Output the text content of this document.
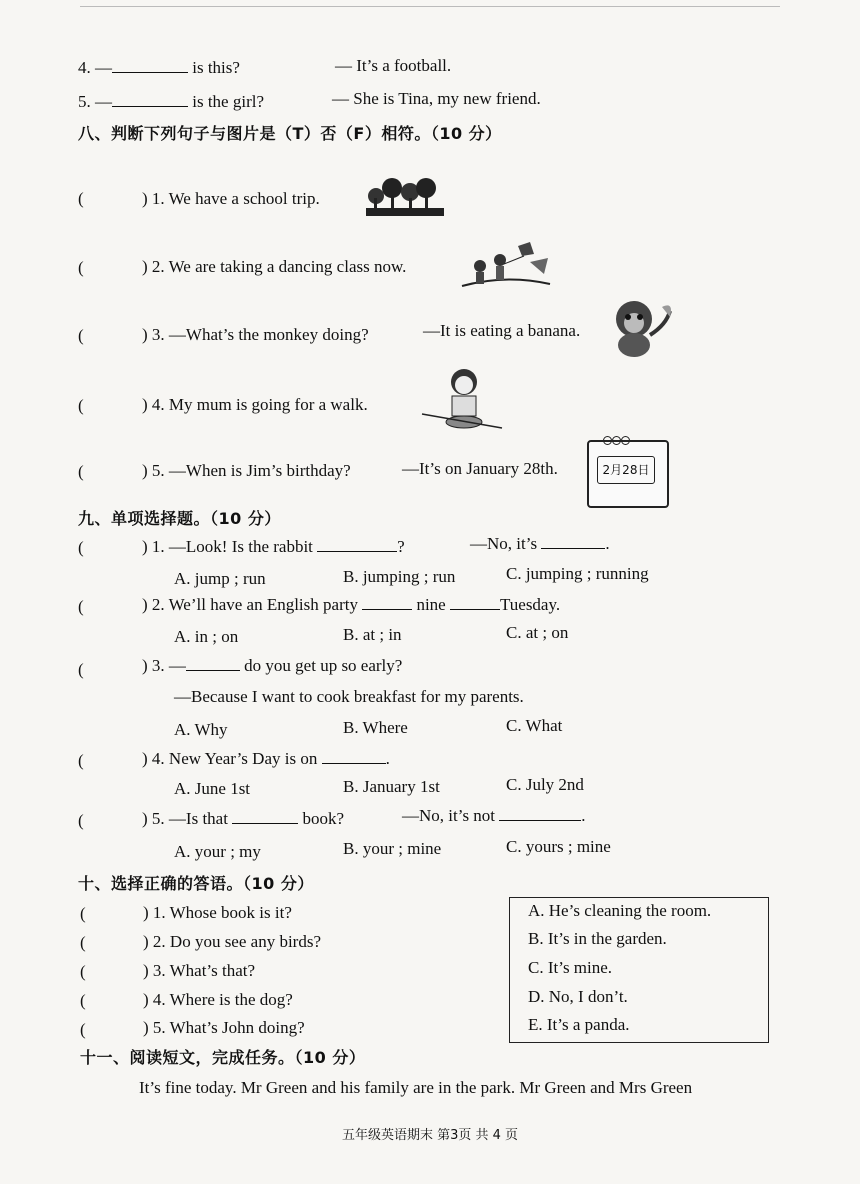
4. —	is this?	— It’s a football.
5. —	is the girl?	— She is Tina, my new friend.
八、判断下列句子与图片是（T）否（F）相符。（10 分）
(	) 1. We have a school trip.
(	) 2. We are taking a dancing class now.
(	) 3. —What’s the monkey doing?	—It is eating a banana.
(	) 4. My mum is going for a walk.
(	) 5. —When is Jim’s birthday?	—It’s on January 28th.	2月28日
九、单项选择题。（10 分）
(	) 1. —Look! Is the rabbit	?	—No, it’s	.
A. jump ; run	B. jumping ; run	C. jumping ; running
(	) 2. We’ll have an English party	nine	Tuesday.
A. in ; on	B. at ; in	C. at ; on
(	) 3. —	do you get up so early?
—Because I want to cook breakfast for my parents.
A. Why	B. Where	C. What
(	) 4. New Year’s Day is on	.
A. June 1st	B. January 1st	C. July 2nd
(	) 5. —Is that	book?	—No, it’s not	.
A. your ; my	B. your ; mine	C. yours ; mine
十、选择正确的答语。（10 分）
(	) 1. Whose book is it?
(	) 2. Do you see any birds?
(	) 3. What’s that?
(	) 4. Where is the dog?
(	) 5. What’s John doing?
A. He’s cleaning the room.
B. It’s in the garden.
C. It’s mine.
D. No, I don’t.
E. It’s a panda.
十一、阅读短文，完成任务。（10 分）
It’s fine today. Mr Green and his family are in the park. Mr Green and Mrs Green
五年级英语期末 第3页 共 4 页
